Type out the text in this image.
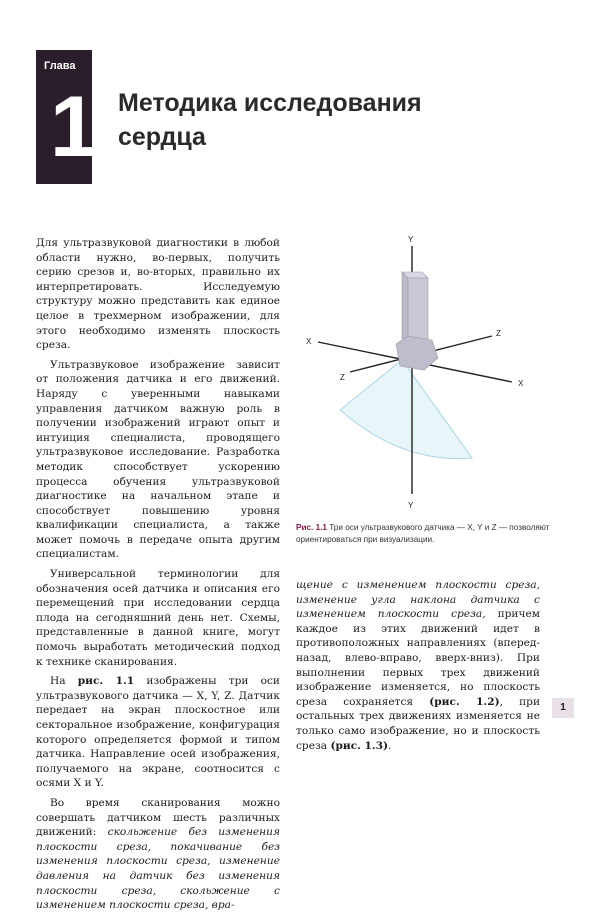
Глава
1 Методика исследования
сердца

Для ультразвуковой диагностики в любой области нужно, во-первых, получить серию срезов и, во-вторых, правильно их интерпретировать. Исследуемую структуру можно представить как единое целое в трехмерном изображении, для этого необходимо изменять плоскость среза.

Ультразвуковое изображение зависит от положения датчика и его движений. Наряду с уверенными навыками управления датчиком важную роль в получении изображений играют опыт и интуиция специалиста, проводящего ультразвуковое исследование. Разработка методик способствует ускорению процесса обучения ультразвуковой диагностике на начальном этапе и способствует повышению уровня квалификации специалиста, а также может помочь в передаче опыта другим специалистам.

Универсальной терминологии для обозначения осей датчика и описания его перемещений при исследовании сердца плода на сегодняшний день нет. Схемы, представленные в данной книге, могут помочь выработать методический подход к технике сканирования.

На рис. 1.1 изображены три оси ультразвукового датчика — X, Y, Z. Датчик передает на экран плоскостное или секторальное изображение, конфигурация которого определяется формой и типом датчика. Направление осей изображения, получаемого на экране, соотносится с осями X и Y.

Во время сканирования можно совершать датчиком шесть различных движений: скольжение без изменения плоскости среза, покачивание без изменения плоскости среза, изменение давления на датчик без изменения плоскости среза, скольжение с изменением плоскости среза, вра-

Y
Y
X
X
Z
Z
Рис. 1.1 Три оси ультразвукового датчика — X, Y и Z — позволяют ориентироваться при визуализации.

щение с изменением плоскости среза, изменение угла наклона датчика с изменением плоскости среза, причем каждое из этих движений идет в противоположных направлениях (вперед-назад, влево-вправо, вверх-вниз). При выполнении первых трех движений изображение изменяется, но плоскость среза сохраняется (рис. 1.2), при остальных трех движениях изменяется не только само изображение, но и плоскость среза (рис. 1.3).

1
